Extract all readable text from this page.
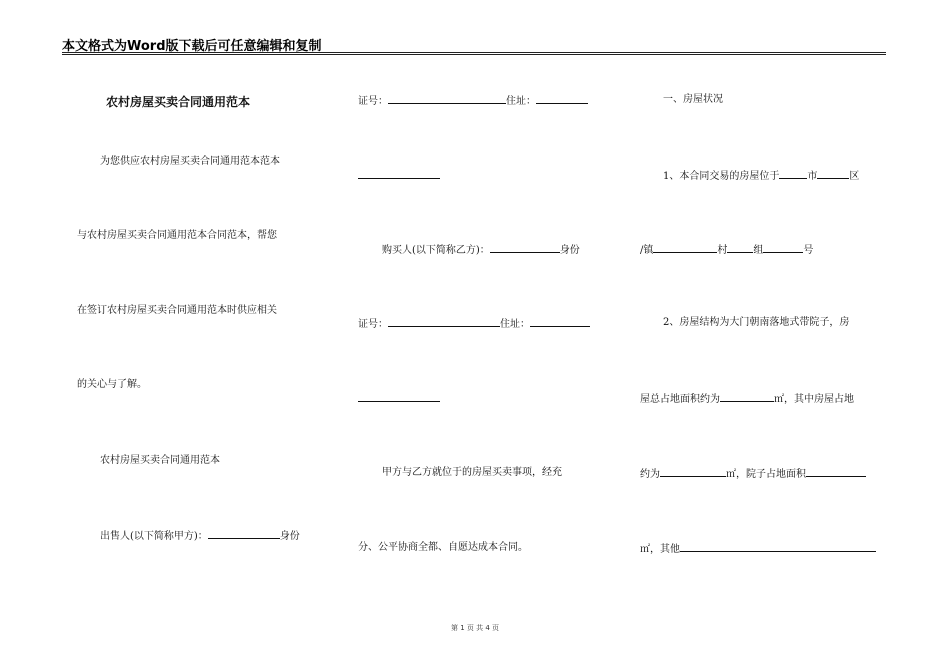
本文格式为Word版下载后可任意编辑和复制
农村房屋买卖合同通用范本
为您供应农村房屋买卖合同通用范本范本
与农村房屋买卖合同通用范本合同范本，帮您
在签订农村房屋买卖合同通用范本时供应相关
的关心与了解。
农村房屋买卖合同通用范本
出售人(以下简称甲方)：	身份
证号：	住址：
购买人(以下简称乙方)：	身份
证号：	住址：
甲方与乙方就位于的房屋买卖事项，经充
分、公平协商全都、自愿达成本合同。
一、房屋状况
1、本合同交易的房屋位于	市	区
/镇	村	组	号
2、房屋结构为大门朝南落地式带院子，房
屋总占地面积约为	㎡，其中房屋占地
约为	㎡，院子占地面积
㎡，其他
第 1 页 共 4 页
